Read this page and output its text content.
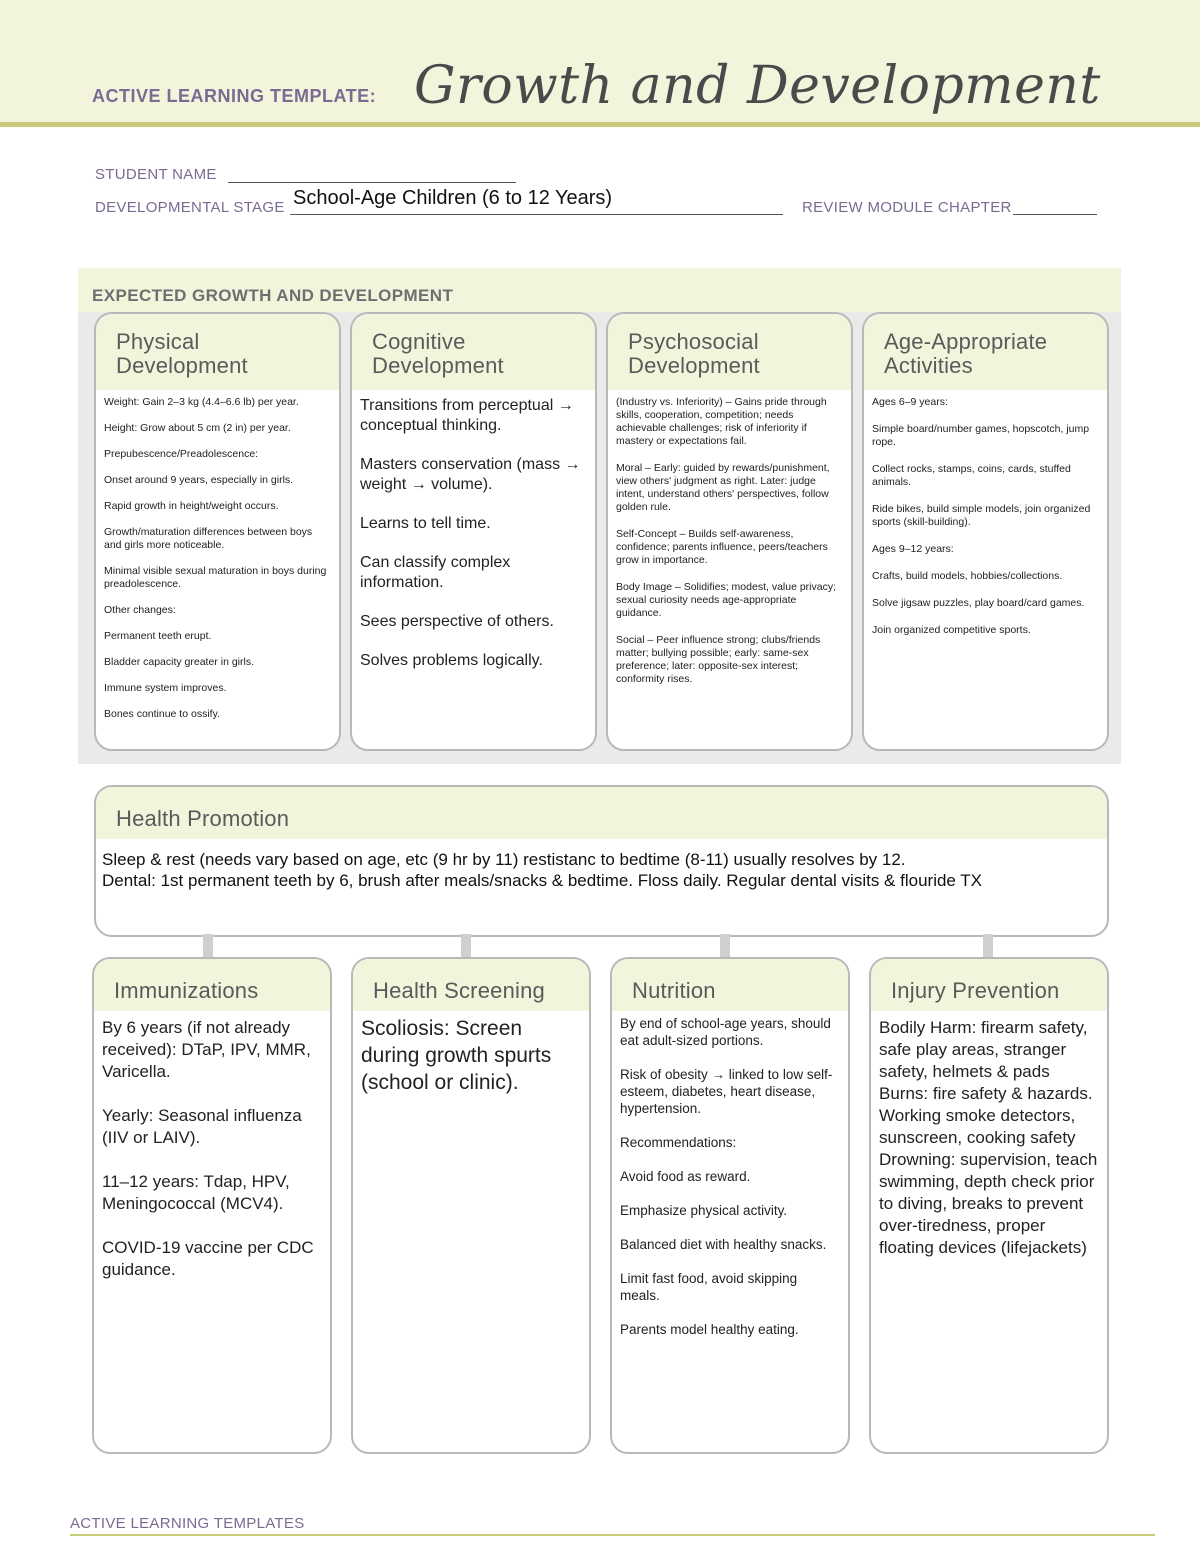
ACTIVE LEARNING TEMPLATE: Growth and Development
STUDENT NAME
DEVELOPMENTAL STAGE School-Age Children (6 to 12 Years)	REVIEW MODULE CHAPTER
EXPECTED GROWTH AND DEVELOPMENT
Physical
Development
Weight: Gain 2–3 kg (4.4–6.6 lb) per year.
Height: Grow about 5 cm (2 in) per year.
Prepubescence/Preadolescence:
Onset around 9 years, especially in girls.
Rapid growth in height/weight occurs.
Growth/maturation differences between boys and girls more noticeable.
Minimal visible sexual maturation in boys during preadolescence.
Other changes:
Permanent teeth erupt.
Bladder capacity greater in girls.
Immune system improves.
Bones continue to ossify.
Cognitive
Development
Transitions from perceptual → conceptual thinking.
Masters conservation (mass → weight → volume).
Learns to tell time.
Can classify complex information.
Sees perspective of others.
Solves problems logically.
Psychosocial
Development
(Industry vs. Inferiority) – Gains pride through skills, cooperation, competition; needs achievable challenges; risk of inferiority if mastery or expectations fail.
Moral – Early: guided by rewards/punishment, view others' judgment as right. Later: judge intent, understand others' perspectives, follow golden rule.
Self-Concept – Builds self-awareness, confidence; parents influence, peers/teachers grow in importance.
Body Image – Solidifies; modest, value privacy; sexual curiosity needs age-appropriate guidance.
Social – Peer influence strong; clubs/friends matter; bullying possible; early: same-sex preference; later: opposite-sex interest; conformity rises.
Age-Appropriate
Activities
Ages 6–9 years:
Simple board/number games, hopscotch, jump rope.
Collect rocks, stamps, coins, cards, stuffed animals.
Ride bikes, build simple models, join organized sports (skill-building).
Ages 9–12 years:
Crafts, build models, hobbies/collections.
Solve jigsaw puzzles, play board/card games.
Join organized competitive sports.
Health Promotion
Sleep & rest (needs vary based on age, etc (9 hr by 11) restistanc to bedtime (8-11) usually resolves by 12.
Dental: 1st permanent teeth by 6, brush after meals/snacks & bedtime. Floss daily. Regular dental visits & flouride TX
Immunizations
By 6 years (if not already received): DTaP, IPV, MMR, Varicella.
Yearly: Seasonal influenza (IIV or LAIV).
11–12 years: Tdap, HPV, Meningococcal (MCV4).
COVID-19 vaccine per CDC guidance.
Health Screening
Scoliosis: Screen during growth spurts (school or clinic).
Nutrition
By end of school-age years, should eat adult-sized portions.
Risk of obesity → linked to low self-esteem, diabetes, heart disease, hypertension.
Recommendations:
Avoid food as reward.
Emphasize physical activity.
Balanced diet with healthy snacks.
Limit fast food, avoid skipping meals.
Parents model healthy eating.
Injury Prevention
Bodily Harm: firearm safety, safe play areas, stranger safety, helmets & pads
Burns: fire safety & hazards. Working smoke detectors, sunscreen, cooking safety
Drowning: supervision, teach swimming, depth check prior to diving, breaks to prevent over-tiredness, proper floating devices (lifejackets)
ACTIVE LEARNING TEMPLATES
